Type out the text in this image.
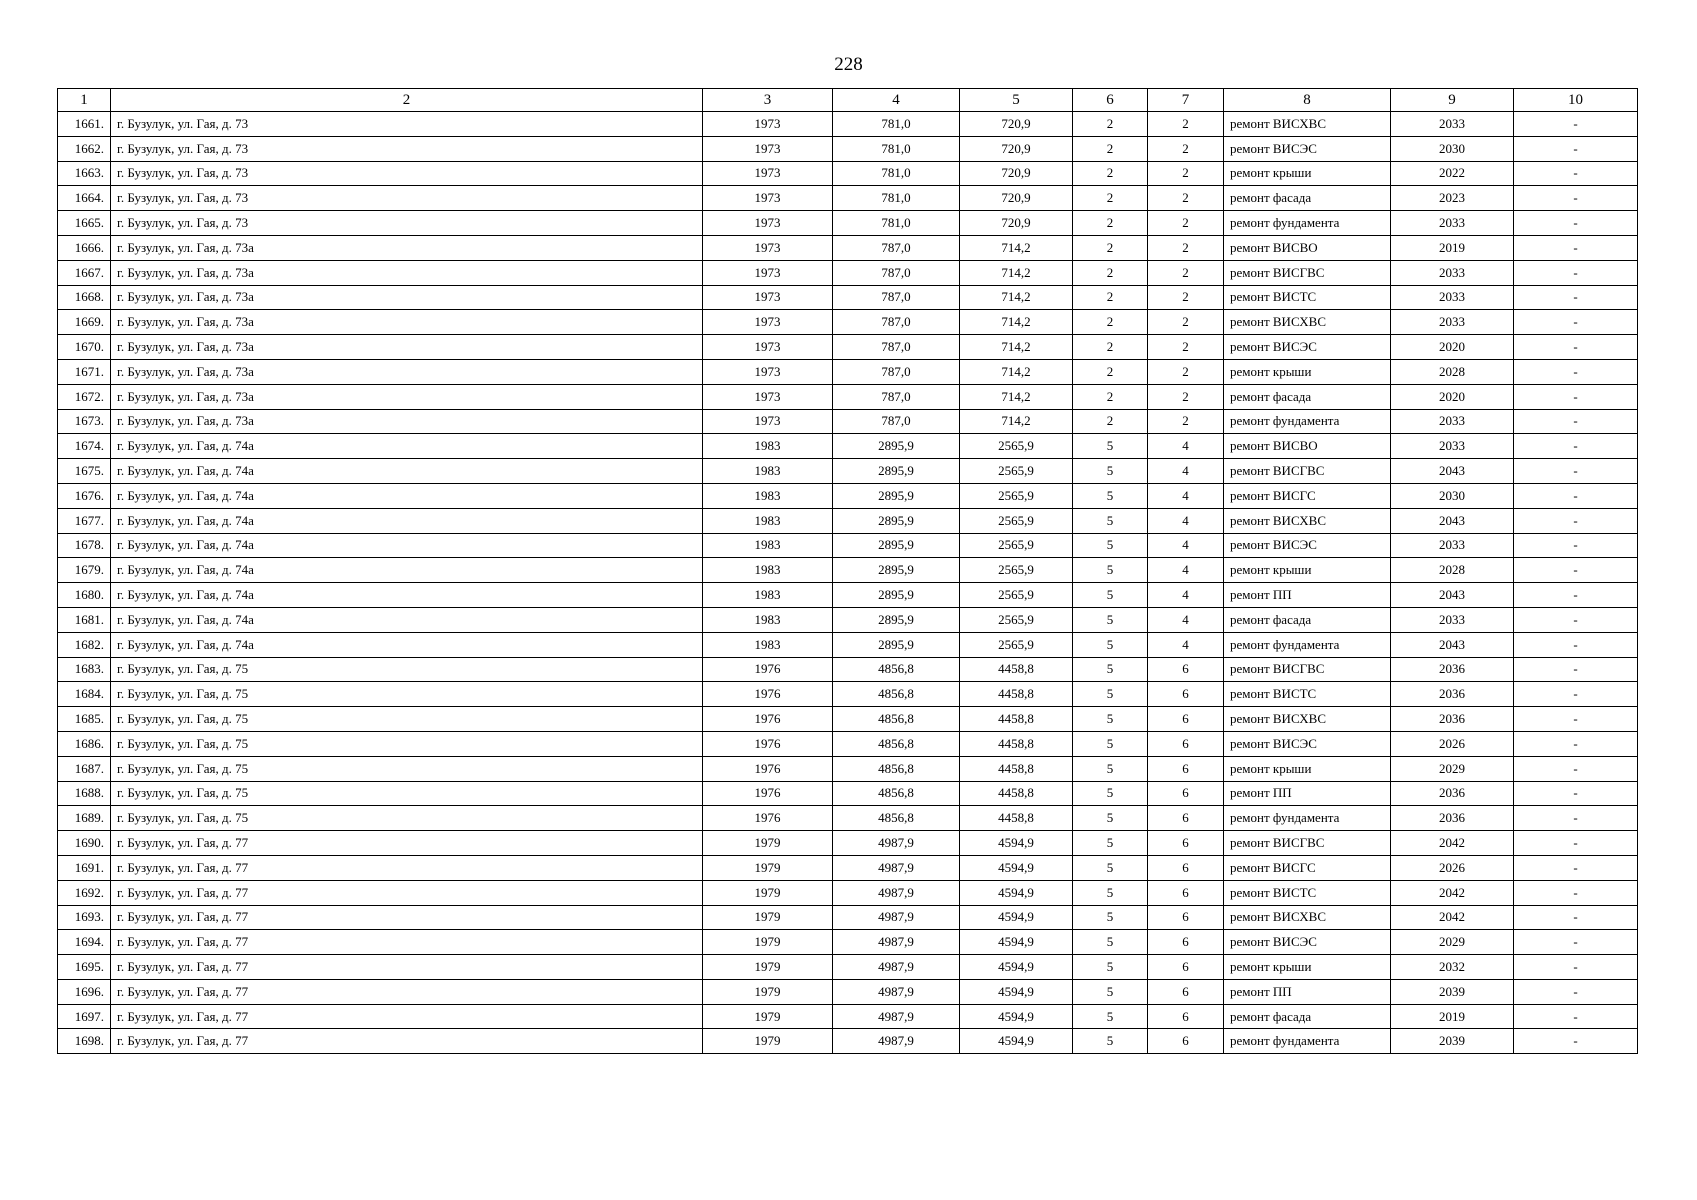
228
1	2	3	4	5	6	7	8	9	10
1661.	г. Бузулук, ул. Гая, д. 73	1973	781,0	720,9	2	2	ремонт ВИСХВС	2033	-
1662.	г. Бузулук, ул. Гая, д. 73	1973	781,0	720,9	2	2	ремонт ВИСЭС	2030	-
1663.	г. Бузулук, ул. Гая, д. 73	1973	781,0	720,9	2	2	ремонт крыши	2022	-
1664.	г. Бузулук, ул. Гая, д. 73	1973	781,0	720,9	2	2	ремонт фасада	2023	-
1665.	г. Бузулук, ул. Гая, д. 73	1973	781,0	720,9	2	2	ремонт фундамента	2033	-
1666.	г. Бузулук, ул. Гая, д. 73а	1973	787,0	714,2	2	2	ремонт ВИСВО	2019	-
1667.	г. Бузулук, ул. Гая, д. 73а	1973	787,0	714,2	2	2	ремонт ВИСГВС	2033	-
1668.	г. Бузулук, ул. Гая, д. 73а	1973	787,0	714,2	2	2	ремонт ВИСТС	2033	-
1669.	г. Бузулук, ул. Гая, д. 73а	1973	787,0	714,2	2	2	ремонт ВИСХВС	2033	-
1670.	г. Бузулук, ул. Гая, д. 73а	1973	787,0	714,2	2	2	ремонт ВИСЭС	2020	-
1671.	г. Бузулук, ул. Гая, д. 73а	1973	787,0	714,2	2	2	ремонт крыши	2028	-
1672.	г. Бузулук, ул. Гая, д. 73а	1973	787,0	714,2	2	2	ремонт фасада	2020	-
1673.	г. Бузулук, ул. Гая, д. 73а	1973	787,0	714,2	2	2	ремонт фундамента	2033	-
1674.	г. Бузулук, ул. Гая, д. 74а	1983	2895,9	2565,9	5	4	ремонт ВИСВО	2033	-
1675.	г. Бузулук, ул. Гая, д. 74а	1983	2895,9	2565,9	5	4	ремонт ВИСГВС	2043	-
1676.	г. Бузулук, ул. Гая, д. 74а	1983	2895,9	2565,9	5	4	ремонт ВИСГС	2030	-
1677.	г. Бузулук, ул. Гая, д. 74а	1983	2895,9	2565,9	5	4	ремонт ВИСХВС	2043	-
1678.	г. Бузулук, ул. Гая, д. 74а	1983	2895,9	2565,9	5	4	ремонт ВИСЭС	2033	-
1679.	г. Бузулук, ул. Гая, д. 74а	1983	2895,9	2565,9	5	4	ремонт крыши	2028	-
1680.	г. Бузулук, ул. Гая, д. 74а	1983	2895,9	2565,9	5	4	ремонт ПП	2043	-
1681.	г. Бузулук, ул. Гая, д. 74а	1983	2895,9	2565,9	5	4	ремонт фасада	2033	-
1682.	г. Бузулук, ул. Гая, д. 74а	1983	2895,9	2565,9	5	4	ремонт фундамента	2043	-
1683.	г. Бузулук, ул. Гая, д. 75	1976	4856,8	4458,8	5	6	ремонт ВИСГВС	2036	-
1684.	г. Бузулук, ул. Гая, д. 75	1976	4856,8	4458,8	5	6	ремонт ВИСТС	2036	-
1685.	г. Бузулук, ул. Гая, д. 75	1976	4856,8	4458,8	5	6	ремонт ВИСХВС	2036	-
1686.	г. Бузулук, ул. Гая, д. 75	1976	4856,8	4458,8	5	6	ремонт ВИСЭС	2026	-
1687.	г. Бузулук, ул. Гая, д. 75	1976	4856,8	4458,8	5	6	ремонт крыши	2029	-
1688.	г. Бузулук, ул. Гая, д. 75	1976	4856,8	4458,8	5	6	ремонт ПП	2036	-
1689.	г. Бузулук, ул. Гая, д. 75	1976	4856,8	4458,8	5	6	ремонт фундамента	2036	-
1690.	г. Бузулук, ул. Гая, д. 77	1979	4987,9	4594,9	5	6	ремонт ВИСГВС	2042	-
1691.	г. Бузулук, ул. Гая, д. 77	1979	4987,9	4594,9	5	6	ремонт ВИСГС	2026	-
1692.	г. Бузулук, ул. Гая, д. 77	1979	4987,9	4594,9	5	6	ремонт ВИСТС	2042	-
1693.	г. Бузулук, ул. Гая, д. 77	1979	4987,9	4594,9	5	6	ремонт ВИСХВС	2042	-
1694.	г. Бузулук, ул. Гая, д. 77	1979	4987,9	4594,9	5	6	ремонт ВИСЭС	2029	-
1695.	г. Бузулук, ул. Гая, д. 77	1979	4987,9	4594,9	5	6	ремонт крыши	2032	-
1696.	г. Бузулук, ул. Гая, д. 77	1979	4987,9	4594,9	5	6	ремонт ПП	2039	-
1697.	г. Бузулук, ул. Гая, д. 77	1979	4987,9	4594,9	5	6	ремонт фасада	2019	-
1698.	г. Бузулук, ул. Гая, д. 77	1979	4987,9	4594,9	5	6	ремонт фундамента	2039	-
